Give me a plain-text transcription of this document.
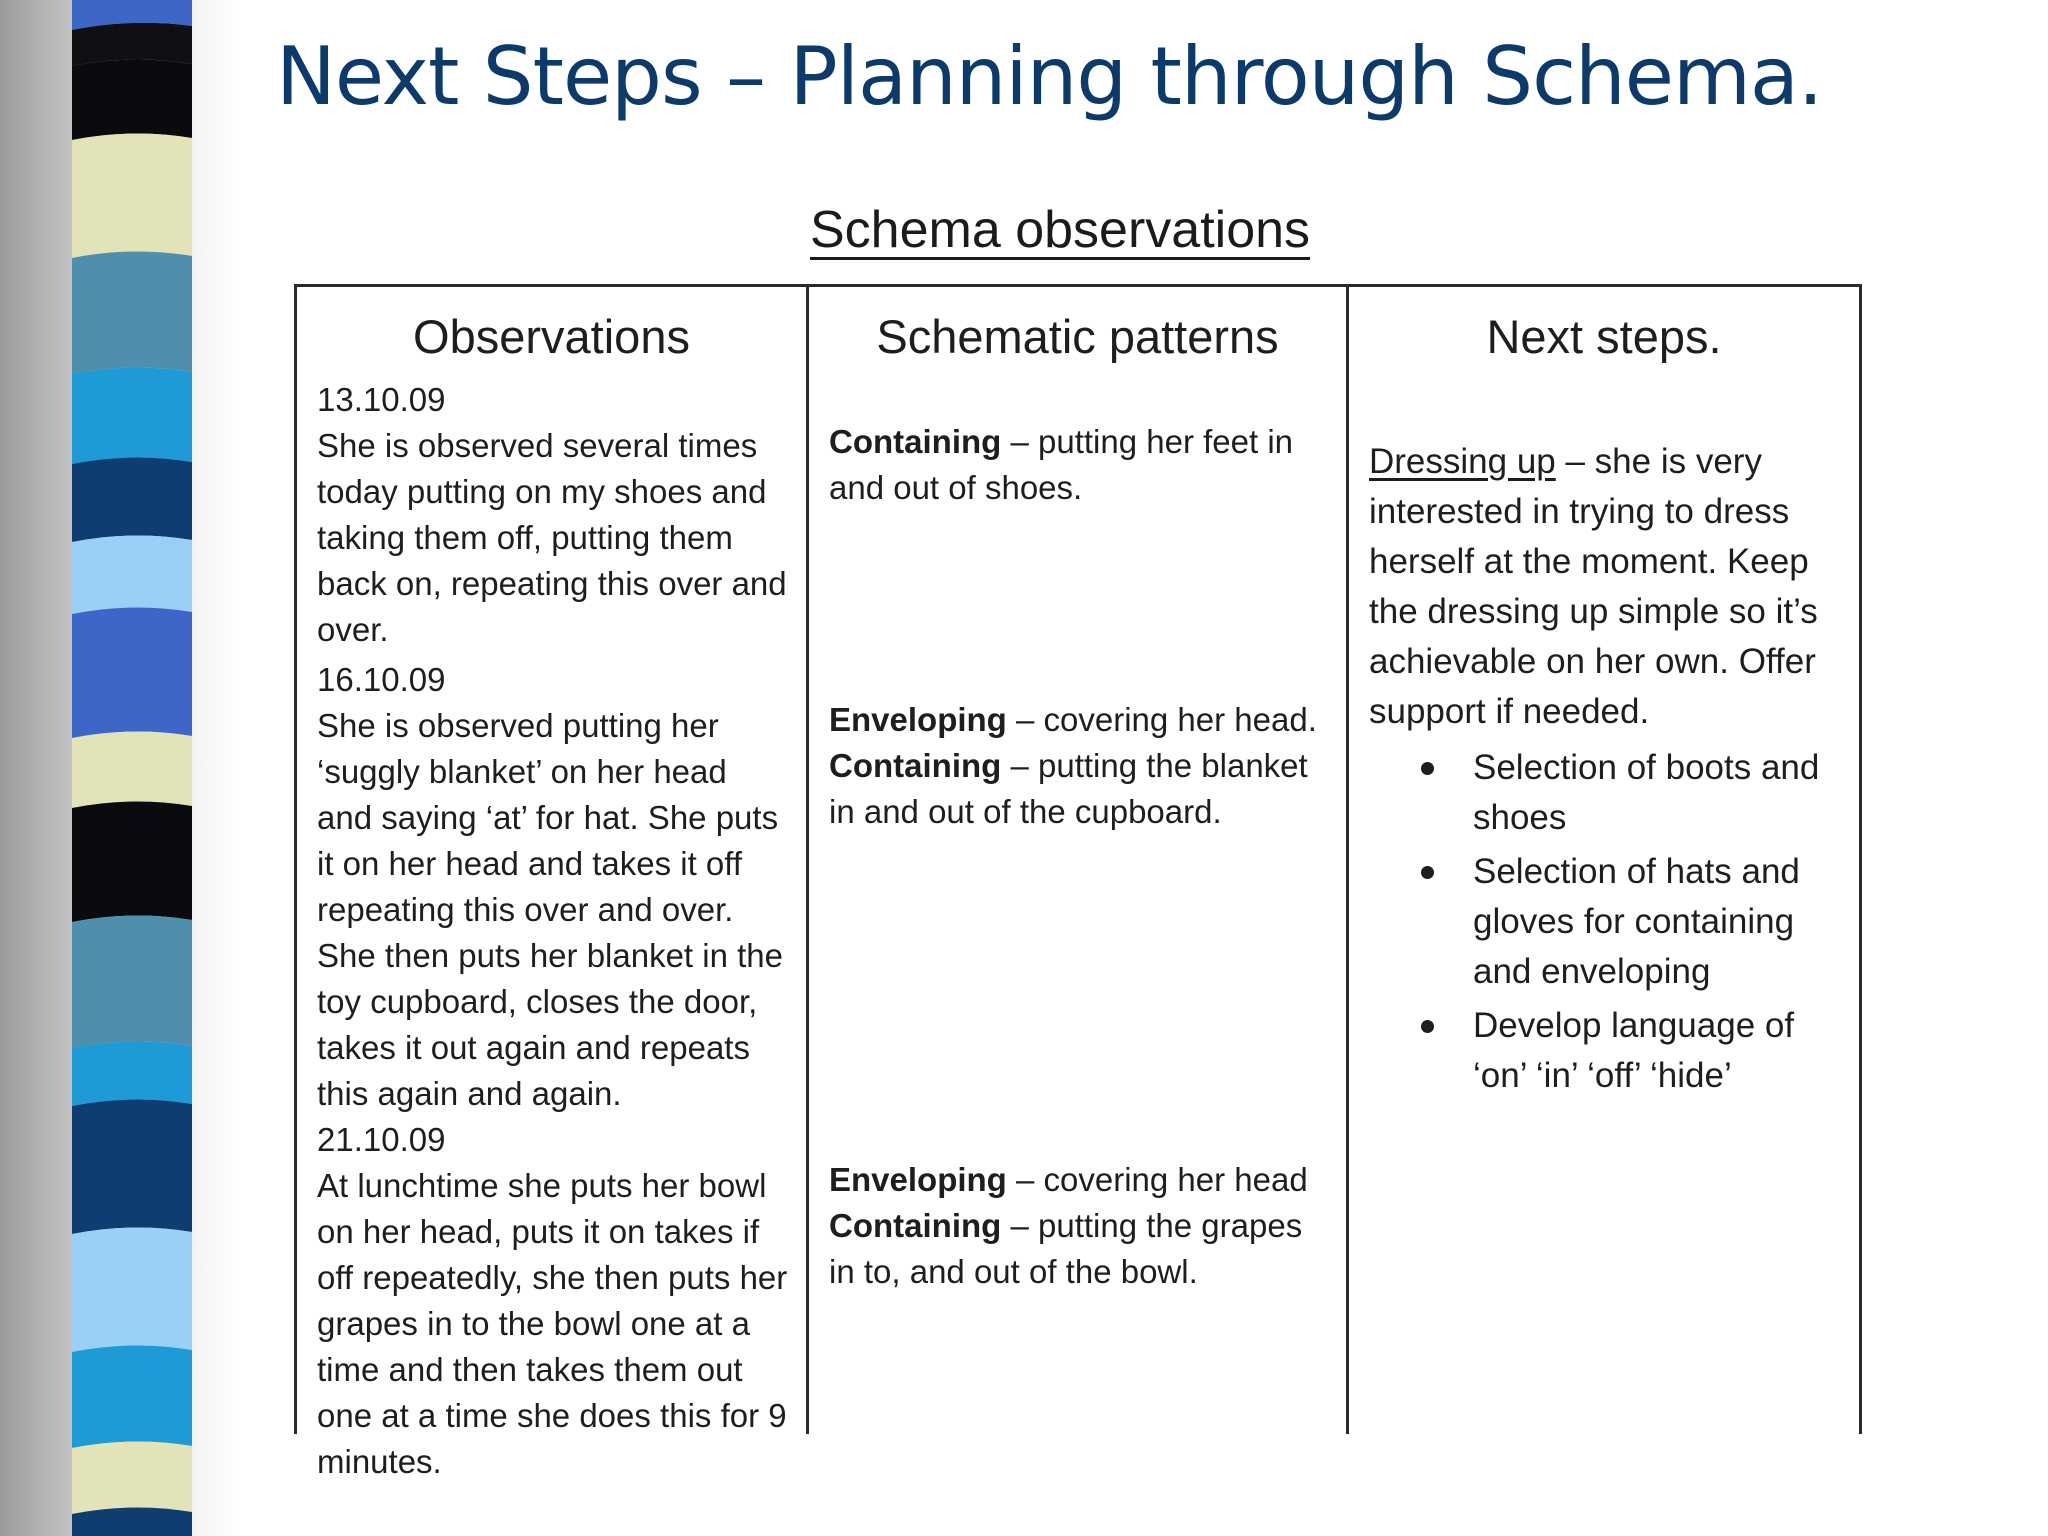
Next Steps – Planning through Schema.
Schema observations
Observations
13.10.09
She is observed several times today putting on my shoes and taking them off, putting them back on, repeating this over and over.
16.10.09
She is observed putting her ‘suggly blanket’ on her head and saying ‘at’ for hat. She puts it on her head and takes it off repeating this over and over. She then puts her blanket in the toy cupboard, closes the door, takes it out again and repeats this again and again.
21.10.09
At lunchtime she puts her bowl on her head, puts it on takes if off repeatedly, she then puts her grapes in to the bowl one at a time and then takes them out one at a time she does this for 9 minutes.
Schematic patterns
Containing – putting her feet in and out of shoes.
Enveloping – covering her head.
Containing – putting the blanket in and out of the cupboard.
Enveloping – covering her head
Containing – putting the grapes in to, and out of the bowl.
Next steps.
Dressing up – she is very interested in trying to dress herself at the moment. Keep the dressing up simple so it’s achievable on her own. Offer support if needed.
Selection of boots and shoes
Selection of hats and gloves for containing and enveloping
Develop language of ‘on’ ‘in’ ‘off’ ‘hide’
